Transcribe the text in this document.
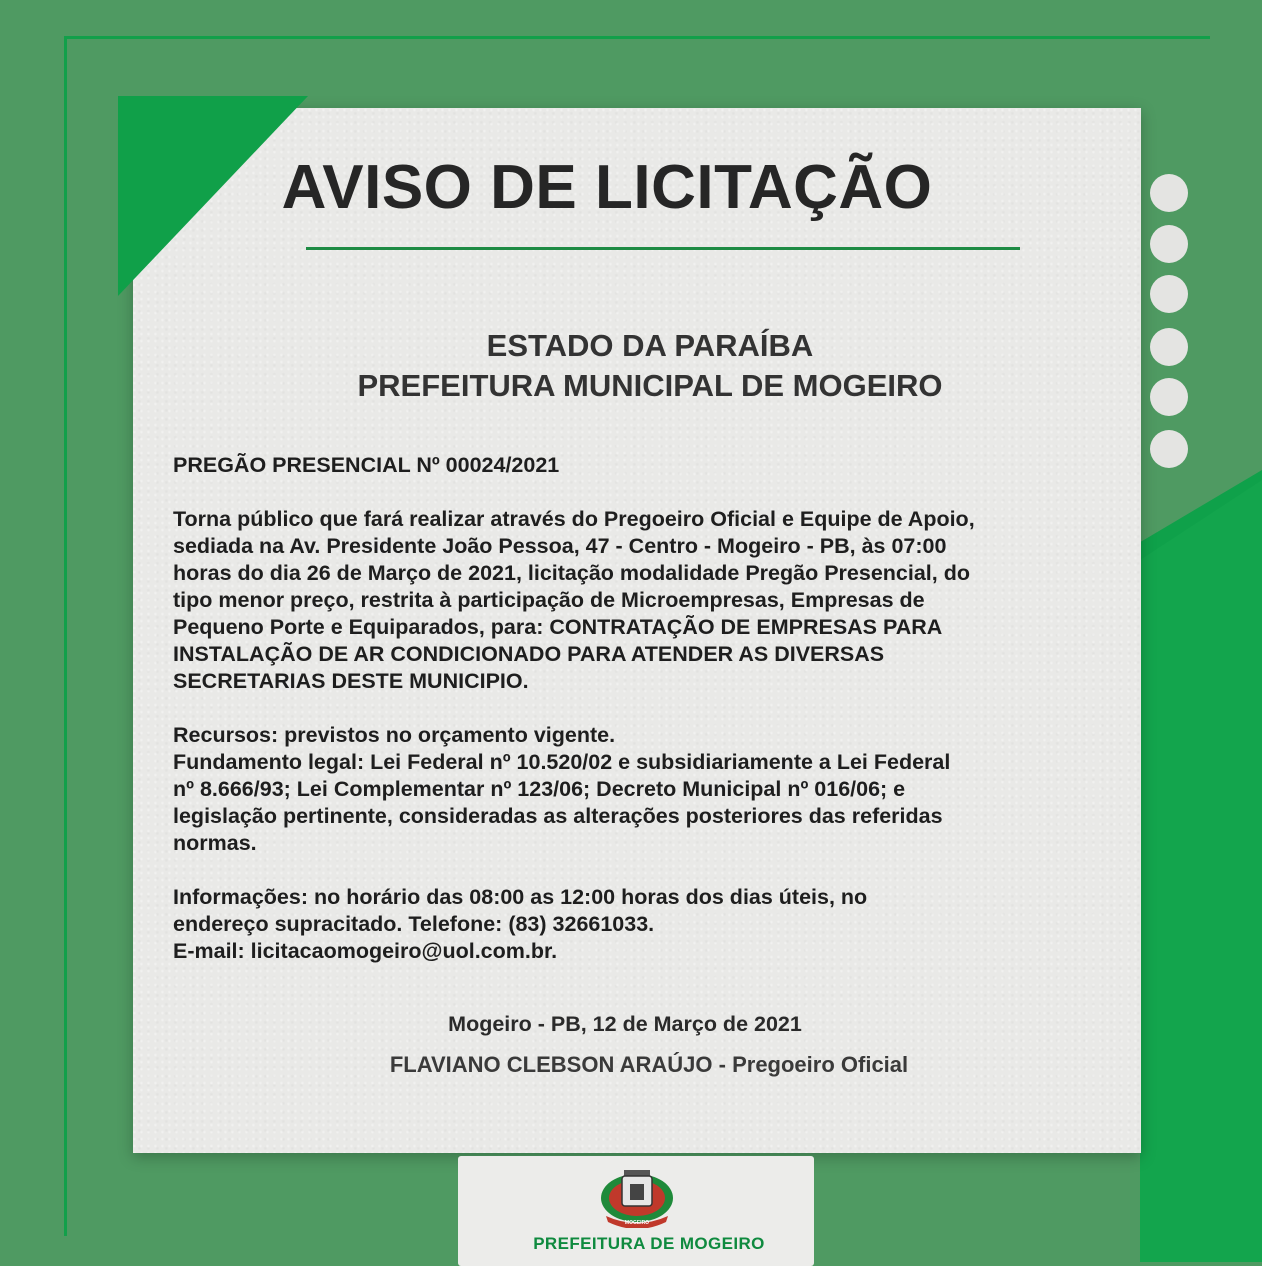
AVISO DE LICITAÇÃO
ESTADO DA PARAÍBA
PREFEITURA MUNICIPAL DE MOGEIRO

PREGÃO PRESENCIAL Nº 00024/2021

Torna público que fará realizar através do Pregoeiro Oficial e Equipe de Apoio,

sediada na Av. Presidente João Pessoa, 47 - Centro - Mogeiro - PB, às 07:00

horas do dia 26 de Março de 2021, licitação modalidade Pregão Presencial, do

tipo menor preço, restrita à participação de Microempresas, Empresas de

Pequeno Porte e Equiparados, para: CONTRATAÇÃO DE EMPRESAS PARA

INSTALAÇÃO DE AR CONDICIONADO PARA ATENDER AS DIVERSAS

SECRETARIAS DESTE MUNICIPIO.

Recursos: previstos no orçamento vigente.

Fundamento legal: Lei Federal nº 10.520/02 e subsidiariamente a Lei Federal

nº 8.666/93; Lei Complementar nº 123/06; Decreto Municipal nº 016/06; e

legislação pertinente, consideradas as alterações posteriores das referidas

normas.

Informações: no horário das 08:00 as 12:00 horas dos dias úteis, no

endereço supracitado. Telefone: (83) 32661033.

E-mail: licitacaomogeiro@uol.com.br.

Mogeiro - PB, 12 de Março de 2021
FLAVIANO CLEBSON ARAÚJO - Pregoeiro Oficial
MOGEIRO
PREFEITURA DE MOGEIRO
